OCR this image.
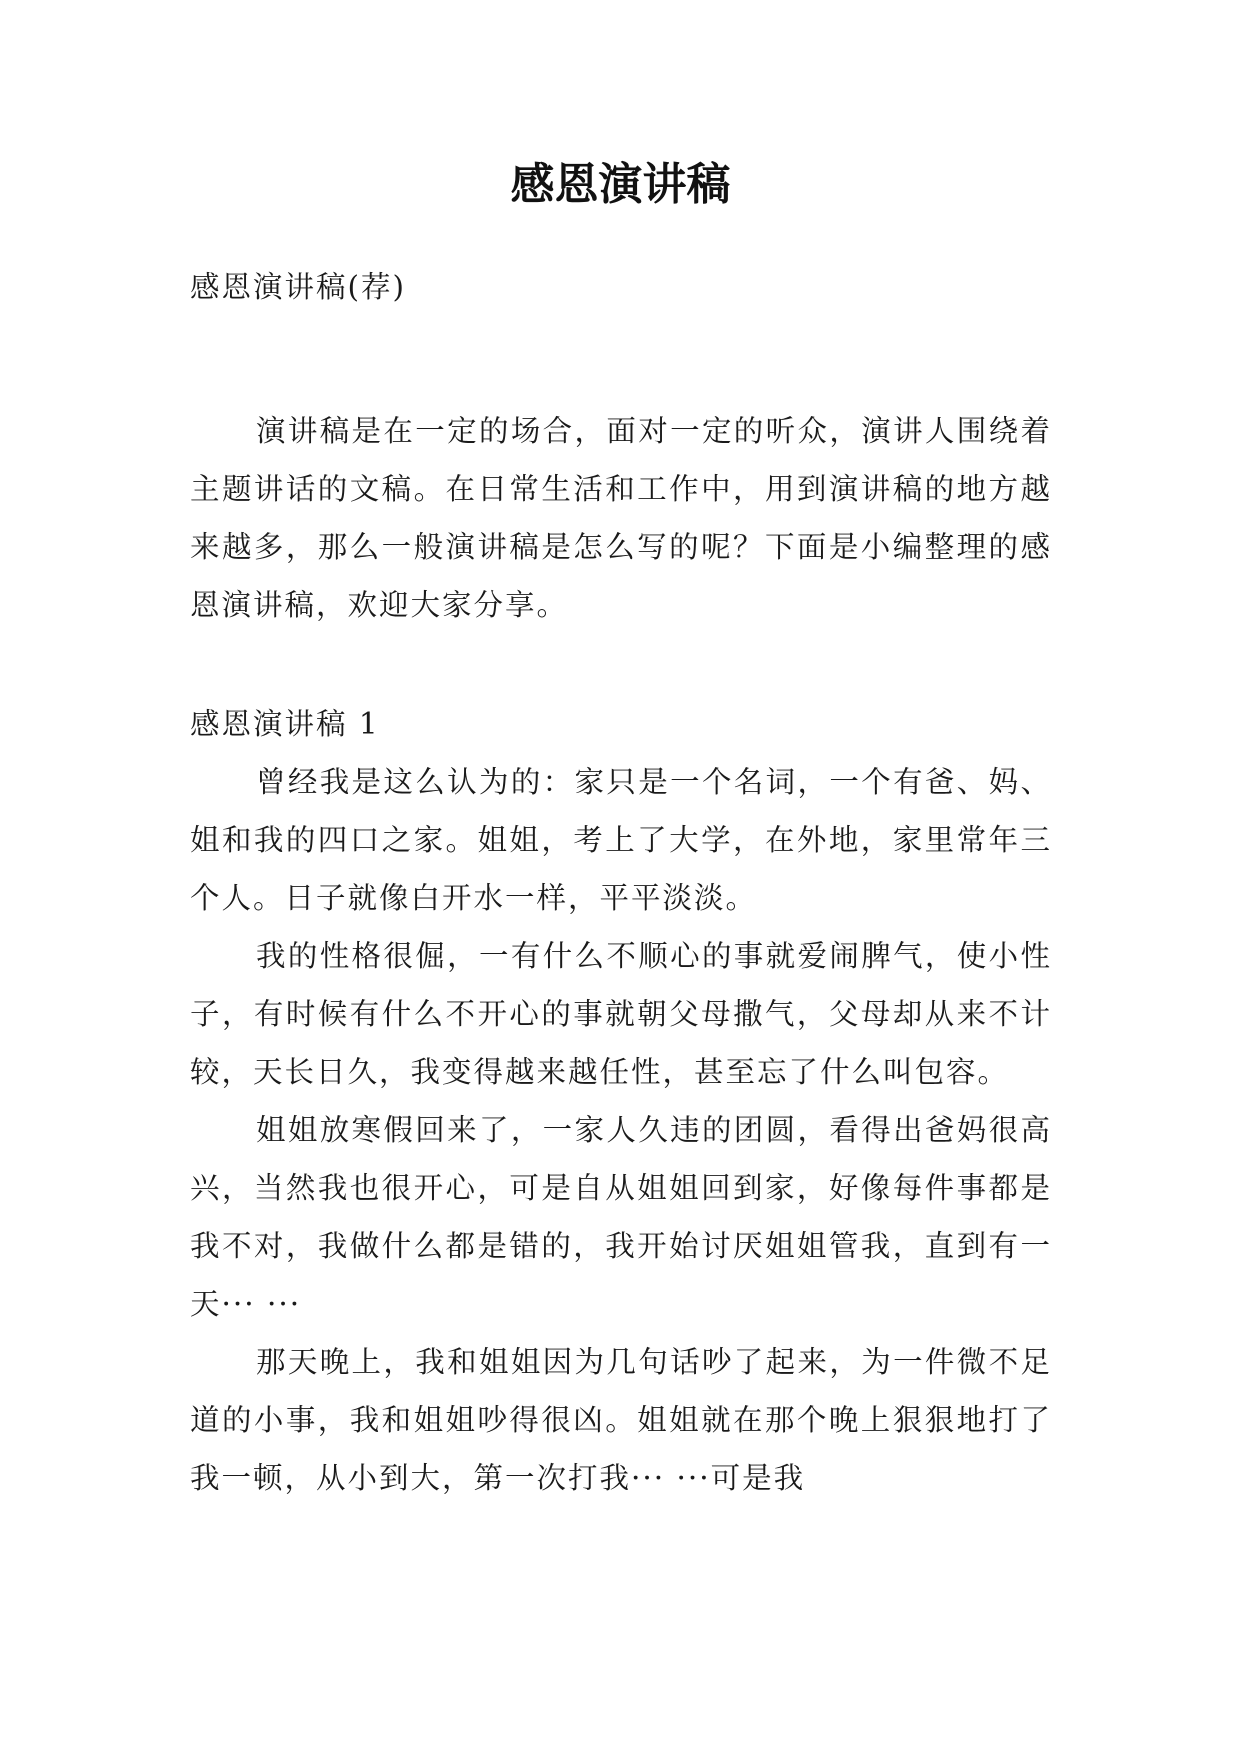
感恩演讲稿

感恩演讲稿(荐)

演讲稿是在一定的场合，面对一定的听众，演讲人围绕着主题讲话的文稿。在日常生活和工作中，用到演讲稿的地方越来越多，那么一般演讲稿是怎么写的呢？下面是小编整理的感恩演讲稿，欢迎大家分享。

感恩演讲稿 1

曾经我是这么认为的：家只是一个名词，一个有爸、妈、姐和我的四口之家。姐姐，考上了大学，在外地，家里常年三个人。日子就像白开水一样，平平淡淡。

我的性格很倔，一有什么不顺心的事就爱闹脾气，使小性子，有时候有什么不开心的事就朝父母撒气，父母却从来不计较，天长日久，我变得越来越任性，甚至忘了什么叫包容。

姐姐放寒假回来了，一家人久违的团圆，看得出爸妈很高兴，当然我也很开心，可是自从姐姐回到家，好像每件事都是我不对，我做什么都是错的，我开始讨厌姐姐管我，直到有一天··· ···

那天晚上，我和姐姐因为几句话吵了起来，为一件微不足道的小事，我和姐姐吵得很凶。姐姐就在那个晚上狠狠地打了我一顿，从小到大，第一次打我··· ···可是我
